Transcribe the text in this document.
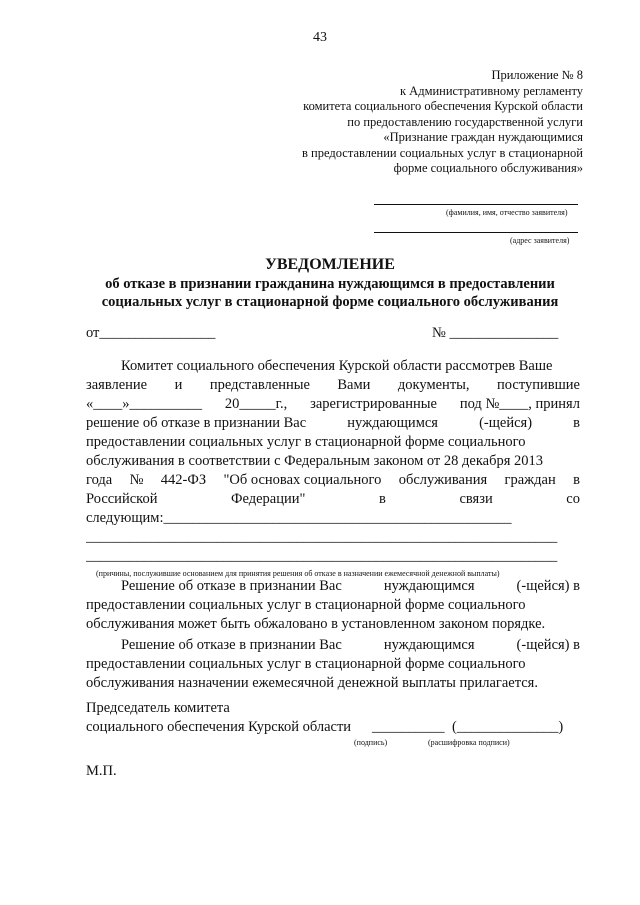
43
Приложение № 8
к Административному регламенту
комитета социального обеспечения Курской области
по предоставлению государственной услуги
«Признание граждан нуждающимися
в предоставлении социальных услуг в стационарной
форме социального обслуживания»
(фамилия, имя, отчество заявителя)
(адрес заявителя)
УВЕДОМЛЕНИЕ
об отказе в признании гражданина нуждающимся в предоставлении
социальных услуг в стационарной форме социального обслуживания
от________________	№ _______________
Комитет социального обеспечения Курской области рассмотрев Ваше
заявление и представленные Вами документы, поступившие
«____»__________ 20_____г., зарегистрированные под №____, принял
решение об отказе в признании Вас	нуждающимся	(-щейся)	в
предоставлении социальных услуг в стационарной форме социального
обслуживания в соответствии с Федеральным законом от 28 декабря 2013
года № 442-ФЗ "Об основах социального обслуживания граждан в
Российской	Федерации"	в	связи	со
следующим:________________________________________________
_________________________________________________________________
_________________________________________________________________
(причины, послужившие основанием для принятия решения об отказе в назначении ежемесячной денежной выплаты)
Решение об отказе в признании Вас	нуждающимся	(-щейся) в
предоставлении социальных услуг в стационарной форме социального
обслуживания может быть обжаловано в установленном законом порядке.
Решение об отказе в признании Вас	нуждающимся	(-щейся) в
предоставлении социальных услуг в стационарной форме социального
обслуживания назначении ежемесячной денежной выплаты прилагается.
Председатель комитета
социального обеспечения Курской области __________ (______________)
(подпись)	(расшифровка подписи)
М.П.
